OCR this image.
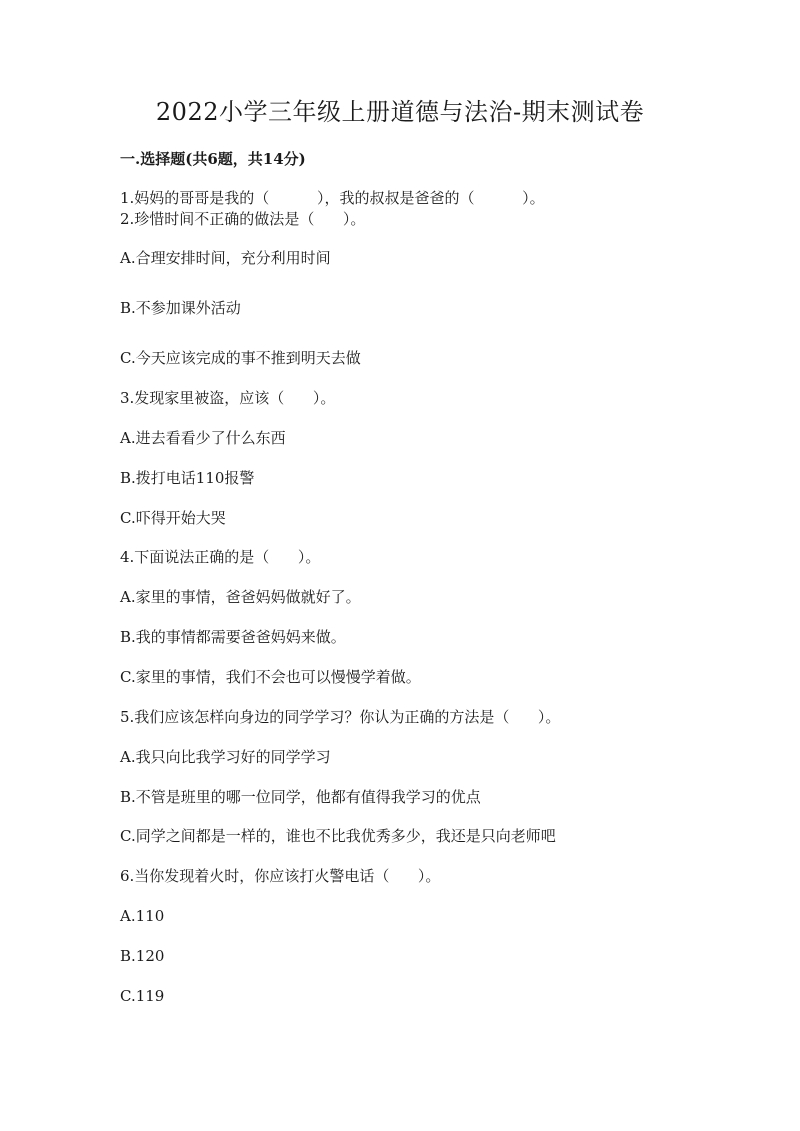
2022小学三年级上册道德与法治-期末测试卷
一.选择题(共6题，共14分)
1.妈妈的哥哥是我的（          ），我的叔叔是爸爸的（          ）。
2.珍惜时间不正确的做法是（      ）。
A.合理安排时间，充分利用时间
B.不参加课外活动
C.今天应该完成的事不推到明天去做
3.发现家里被盗，应该（      ）。
A.进去看看少了什么东西
B.拨打电话110报警
C.吓得开始大哭
4.下面说法正确的是（      ）。
A.家里的事情，爸爸妈妈做就好了。
B.我的事情都需要爸爸妈妈来做。
C.家里的事情，我们不会也可以慢慢学着做。
5.我们应该怎样向身边的同学学习？你认为正确的方法是（      ）。
A.我只向比我学习好的同学学习
B.不管是班里的哪一位同学，他都有值得我学习的优点
C.同学之间都是一样的，谁也不比我优秀多少，我还是只向老师吧
6.当你发现着火时，你应该打火警电话（      ）。
A.110
B.120
C.119
